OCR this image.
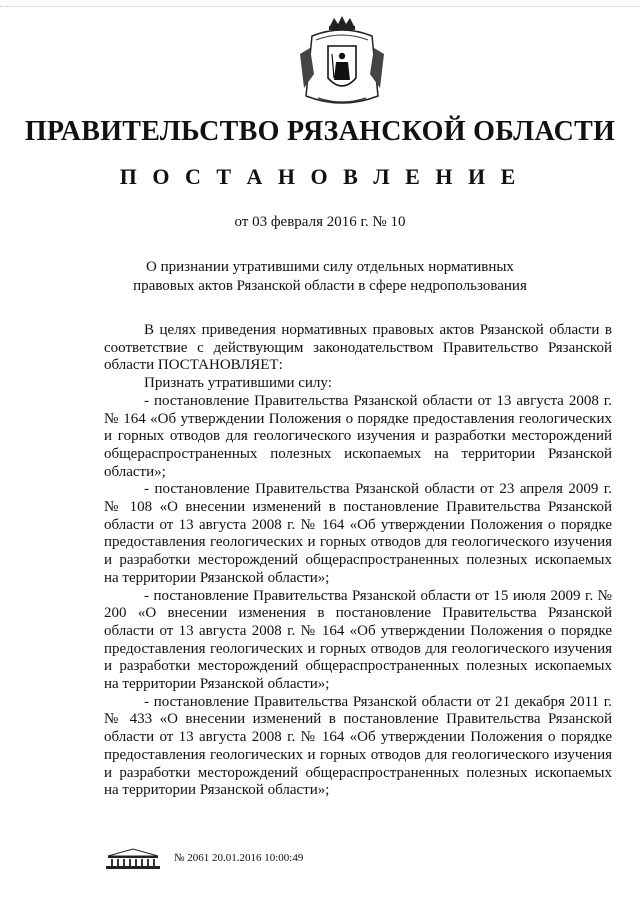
ПРАВИТЕЛЬСТВО РЯЗАНСКОЙ ОБЛАСТИ
П О С Т А Н О В Л Е Н И Е
от 03 февраля 2016 г. № 10
О признании утратившими силу отдельных нормативных
правовых актов Рязанской области в сфере недропользования

В целях приведения нормативных правовых актов Рязанской области в соответствие с действующим законодательством Правительство Рязанской области ПОСТАНОВЛЯЕТ:

Признать утратившими силу:

- постановление Правительства Рязанской области от 13 августа 2008 г. № 164 «Об утверждении Положения о порядке предоставления геологических и горных отводов для геологического изучения и разработки месторождений общераспространенных полезных ископаемых на территории Рязанской области»;

- постановление Правительства Рязанской области от 23 апреля 2009 г. № 108 «О внесении изменений в постановление Правительства Рязанской области от 13 августа 2008 г. № 164 «Об утверждении Положения о порядке предоставления геологических и горных отводов для геологического изучения и разработки месторождений общераспространенных полезных ископаемых на территории Рязанской области»;

- постановление Правительства Рязанской области от 15 июля 2009 г. № 200 «О внесении изменения в постановление Правительства Рязанской области от 13 августа 2008 г. № 164 «Об утверждении Положения о порядке предоставления геологических и горных отводов для геологического изучения и разработки месторождений общераспространенных полезных ископаемых на территории Рязанской области»;

- постановление Правительства Рязанской области от 21 декабря 2011 г. № 433 «О внесении изменений в постановление Правительства Рязанской области от 13 августа 2008 г. № 164 «Об утверждении Положения о порядке предоставления геологических и горных отводов для геологического изучения и разработки месторождений общераспространенных полезных ископаемых на территории Рязанской области»;

№ 2061 20.01.2016 10:00:49
